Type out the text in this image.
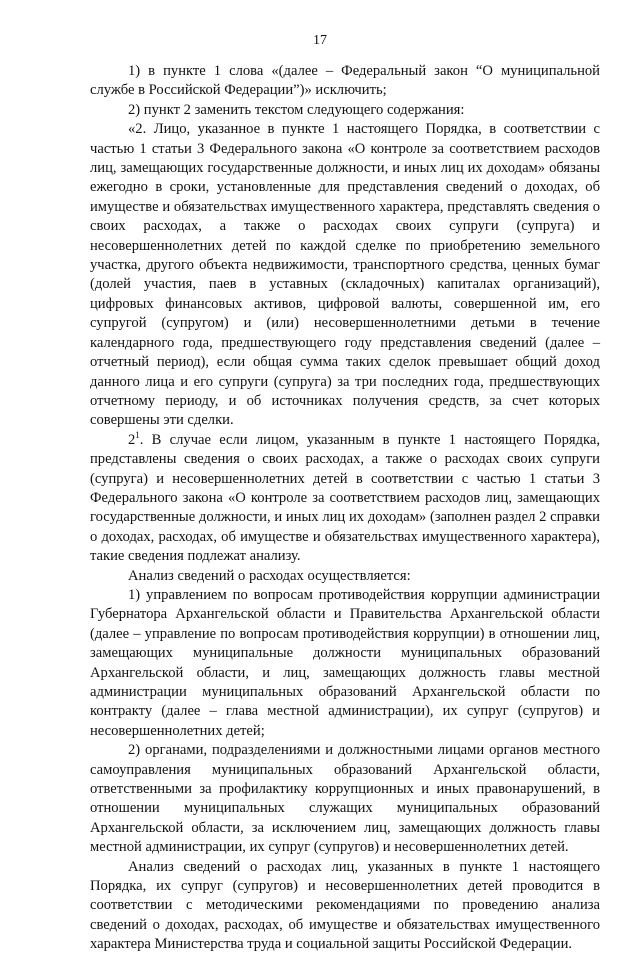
17

1) в пункте 1 слова «(далее – Федеральный закон “О муниципальной службе в Российской Федерации”)» исключить;

2) пункт 2 заменить текстом следующего содержания:

«2. Лицо, указанное в пункте 1 настоящего Порядка, в соответствии с частью 1 статьи 3 Федерального закона «О контроле за соответствием расходов лиц, замещающих государственные должности, и иных лиц их доходам» обязаны ежегодно в сроки, установленные для представления сведений о доходах, об имуществе и обязательствах имущественного характера, представлять сведения о своих расходах, а также о расходах своих супруги (супруга) и несовершеннолетних детей по каждой сделке по приобретению земельного участка, другого объекта недвижимости, транспортного средства, ценных бумаг (долей участия, паев в уставных (складочных) капиталах организаций), цифровых финансовых активов, цифровой валюты, совершенной им, его супругой (супругом) и (или) несовершеннолетними детьми в течение календарного года, предшествующего году представления сведений (далее – отчетный период), если общая сумма таких сделок превышает общий доход данного лица и его супруги (супруга) за три последних года, предшествующих отчетному периоду, и об источниках получения средств, за счет которых совершены эти сделки.

$2^1$. В случае если лицом, указанным в пункте 1 настоящего Порядка, представлены сведения о своих расходах, а также о расходах своих супруги (супруга) и несовершеннолетних детей в соответствии с частью 1 статьи 3 Федерального закона «О контроле за соответствием расходов лиц, замещающих государственные должности, и иных лиц их доходам» (заполнен раздел 2 справки о доходах, расходах, об имуществе и обязательствах имущественного характера), такие сведения подлежат анализу.

Анализ сведений о расходах осуществляется:

1) управлением по вопросам противодействия коррупции администрации Губернатора Архангельской области и Правительства Архангельской области (далее – управление по вопросам противодействия коррупции) в отношении лиц, замещающих муниципальные должности муниципальных образований Архангельской области, и лиц, замещающих должность главы местной администрации муниципальных образований Архангельской области по контракту (далее – глава местной администрации), их супруг (супругов) и несовершеннолетних детей;

2) органами, подразделениями и должностными лицами органов местного самоуправления муниципальных образований Архангельской области, ответственными за профилактику коррупционных и иных правонарушений, в отношении муниципальных служащих муниципальных образований Архангельской области, за исключением лиц, замещающих должность главы местной администрации, их супруг (супругов) и несовершеннолетних детей.

Анализ сведений о расходах лиц, указанных в пункте 1 настоящего Порядка, их супруг (супругов) и несовершеннолетних детей проводится в соответствии с методическими рекомендациями по проведению анализа сведений о доходах, расходах, об имуществе и обязательствах имущественного характера Министерства труда и социальной защиты Российской Федерации.
